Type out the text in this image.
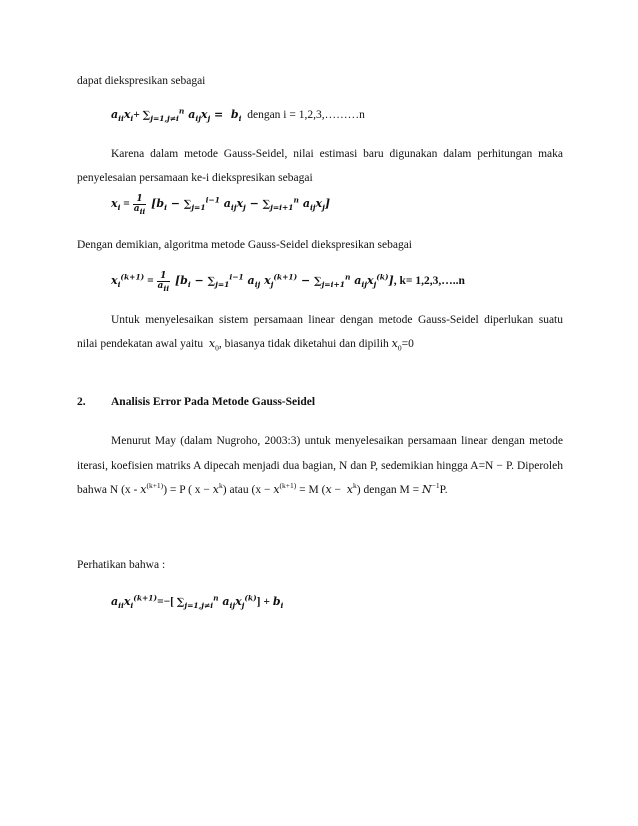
dapat diekspresikan sebagai
$a_{ii}x_i+ \sum_{j=1,j\ne i}^n$ $a_{ij}x_j = b_i$ dengan i = 1,2,3,………n
Karena dalam metode Gauss-Seidel, nilai estimasi baru digunakan dalam perhitungan maka penyelesaian persamaan ke-i diekspresikan sebagai
$x_i = \frac{1}{a_{ii}} [b_i - \sum_{j=1}^{i-1}$ $a_{ij}x_j - \sum_{j=i+1}^n$ $a_{ij}x_j$]
Dengan demikian, algoritma metode Gauss-Seidel diekspresikan sebagai
$x_i^{(k+1)} = \frac{1}{a_{ii}} [b_i - \sum_{j=1}^{i-1}$ $a_{ij}$ $x_j^{(k+1)} - \sum_{j=i+1}^n$ $a_{ij}x_j^{(k)}$], k= 1,2,3,…..n
Untuk menyelesaikan sistem persamaan linear dengan metode Gauss-Seidel diperlukan suatu nilai pendekatan awal yaitu $x_0$, biasanya tidak diketahui dan dipilih $x_0=0$
2. Analisis Error Pada Metode Gauss-Seidel
Menurut May (dalam Nugroho, 2003:3) untuk menyelesaikan persamaan linear dengan metode iterasi, koefisien matriks A dipecah menjadi dua bagian, N dan P, sedemikian hingga A=N − P. Diperoleh bahwa N $(x - x^{(k+1)}) = P$ ( $x - x^k$) atau ($x - x^{(k+1)} = M$ $(x - x^k)$ dengan $M = N^{-1}P$.
Perhatikan bahwa :
$a_{ii}x_i^{(k+1)}=-$[ $\sum_{j=1,j\ne i}^n$ $a_{ij}x_j^{(k)}] + b_i$
